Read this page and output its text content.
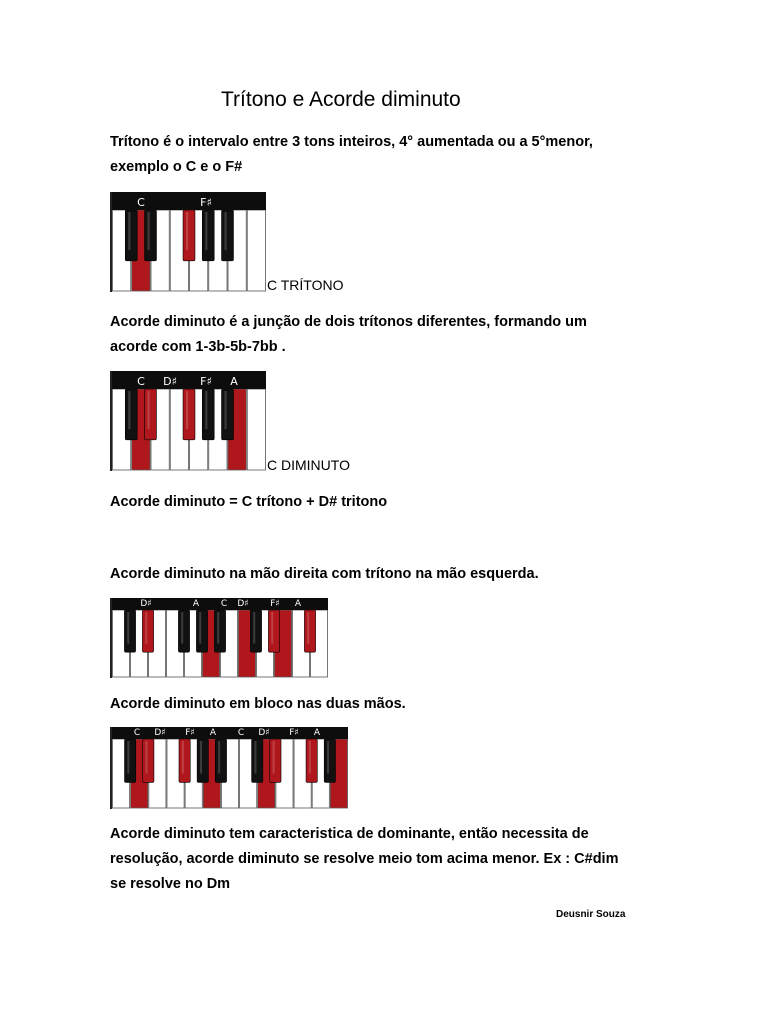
Trítono e Acorde diminuto
Trítono é o intervalo entre 3 tons inteiros, 4° aumentada ou a 5°menor,
exemplo o C e o F#
C	F♯
C TRÍTONO
Acorde diminuto é a junção de dois trítonos diferentes, formando um
acorde com 1-3b-5b-7bb .
C D♯ F♯ A
C DIMINUTO
Acorde diminuto = C trítono + D# tritono
Acorde diminuto na mão direita com trítono na mão esquerda.
D♯	A C D♯ F♯ A
Acorde diminuto em bloco nas duas mãos.
C D♯ F♯ A C D♯ F♯ A
Acorde diminuto tem caracteristica de dominante, então necessita de
resolução, acorde diminuto se resolve meio tom acima menor. Ex : C#dim
se resolve no Dm
Deusnir Souza
